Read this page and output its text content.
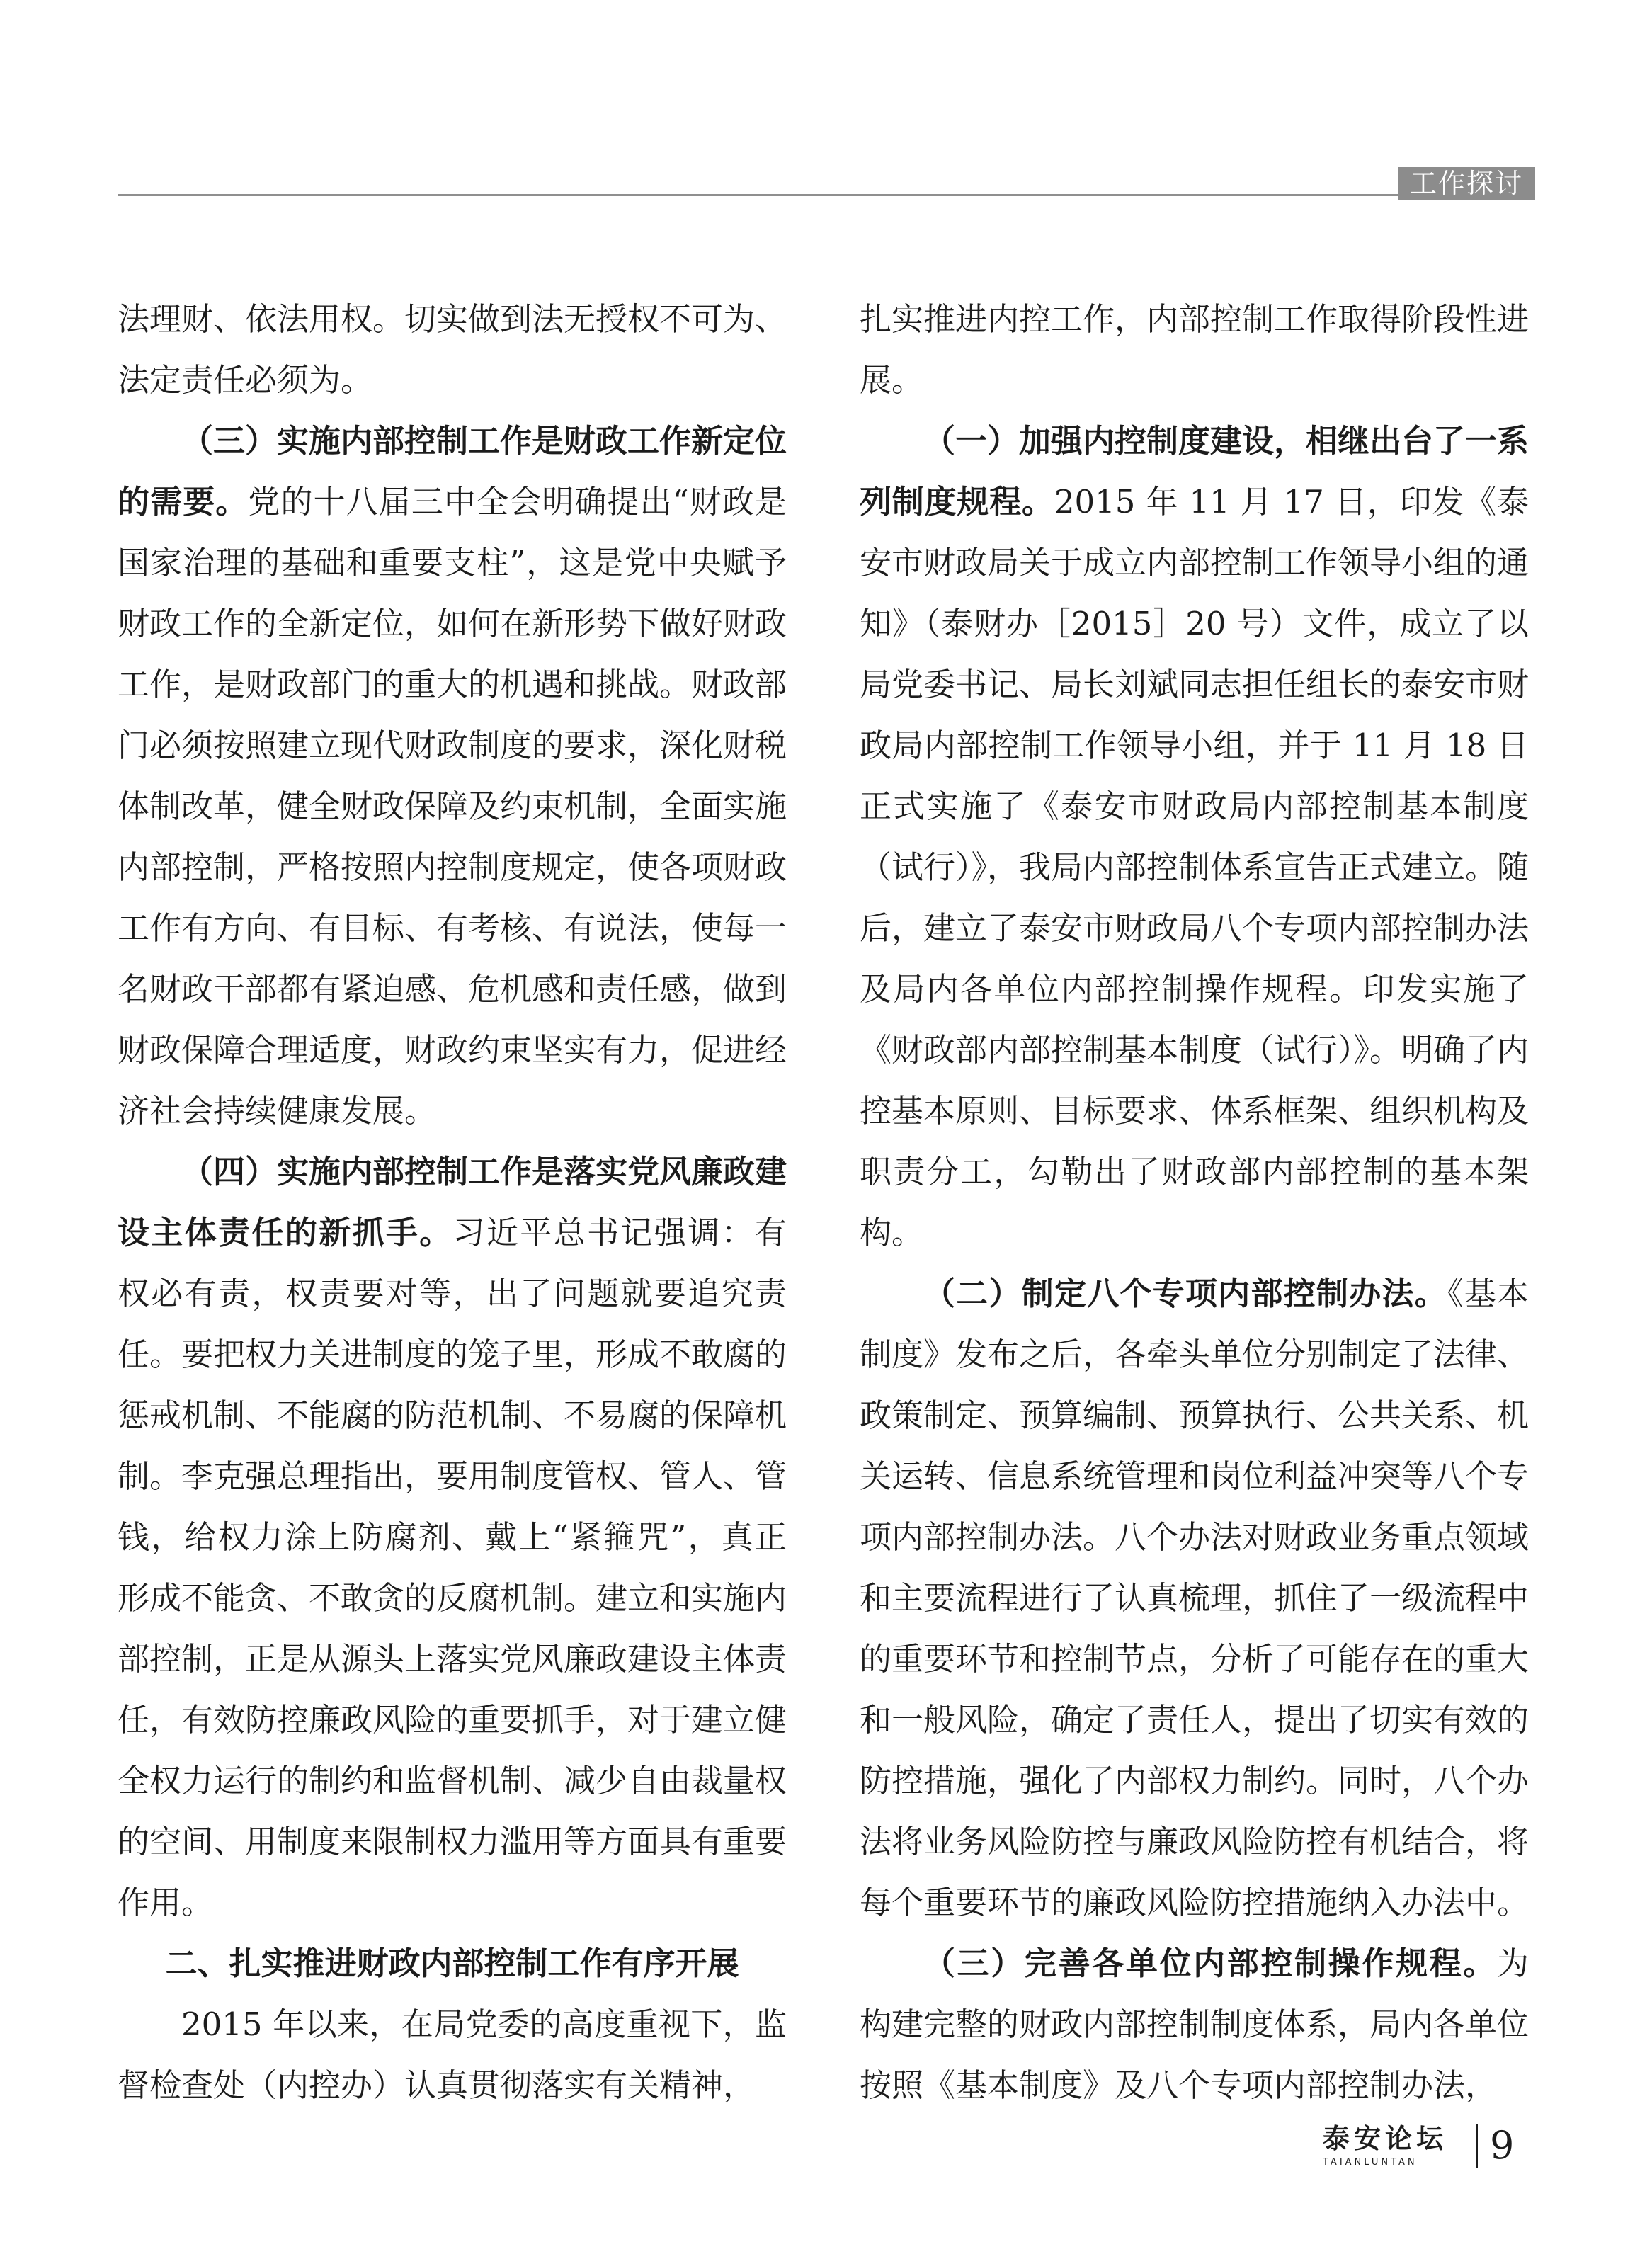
工作探讨

法理财、依法用权。切实做到法无授权不可为、法定责任必须为。

（三）实施内部控制工作是财政工作新定位的需要。党的十八届三中全会明确提出“财政是国家治理的基础和重要支柱”，这是党中央赋予财政工作的全新定位，如何在新形势下做好财政工作，是财政部门的重大的机遇和挑战。财政部门必须按照建立现代财政制度的要求，深化财税体制改革，健全财政保障及约束机制，全面实施内部控制，严格按照内控制度规定，使各项财政工作有方向、有目标、有考核、有说法，使每一名财政干部都有紧迫感、危机感和责任感，做到财政保障合理适度，财政约束坚实有力，促进经济社会持续健康发展。

（四）实施内部控制工作是落实党风廉政建设主体责任的新抓手。习近平总书记强调：有权必有责，权责要对等，出了问题就要追究责任。要把权力关进制度的笼子里，形成不敢腐的惩戒机制、不能腐的防范机制、不易腐的保障机制。李克强总理指出，要用制度管权、管人、管钱，给权力涂上防腐剂、戴上“紧箍咒”，真正形成不能贪、不敢贪的反腐机制。建立和实施内部控制，正是从源头上落实党风廉政建设主体责任，有效防控廉政风险的重要抓手，对于建立健全权力运行的制约和监督机制、减少自由裁量权的空间、用制度来限制权力滥用等方面具有重要作用。

二、扎实推进财政内部控制工作有序开展

2015 年以来，在局党委的高度重视下，监督检查处（内控办）认真贯彻落实有关精神，

扎实推进内控工作，内部控制工作取得阶段性进展。

（一）加强内控制度建设，相继出台了一系列制度规程。2015 年 11 月 17 日，印发《泰安市财政局关于成立内部控制工作领导小组的通知》（泰财办［2015］20 号）文件，成立了以局党委书记、局长刘斌同志担任组长的泰安市财政局内部控制工作领导小组，并于 11 月 18 日正式实施了《泰安市财政局内部控制基本制度（试行）》，我局内部控制体系宣告正式建立。随后，建立了泰安市财政局八个专项内部控制办法及局内各单位内部控制操作规程。印发实施了《财政部内部控制基本制度（试行）》。明确了内控基本原则、目标要求、体系框架、组织机构及职责分工，勾勒出了财政部内部控制的基本架构。

（二）制定八个专项内部控制办法。《基本制度》发布之后，各牵头单位分别制定了法律、政策制定、预算编制、预算执行、公共关系、机关运转、信息系统管理和岗位利益冲突等八个专项内部控制办法。八个办法对财政业务重点领域和主要流程进行了认真梳理，抓住了一级流程中的重要环节和控制节点，分析了可能存在的重大和一般风险，确定了责任人，提出了切实有效的防控措施，强化了内部权力制约。同时，八个办法将业务风险防控与廉政风险防控有机结合，将每个重要环节的廉政风险防控措施纳入办法中。

（三）完善各单位内部控制操作规程。为构建完整的财政内部控制制度体系，局内各单位按照《基本制度》及八个专项内部控制办法，

泰安论坛
TAIANLUNTAN	9
